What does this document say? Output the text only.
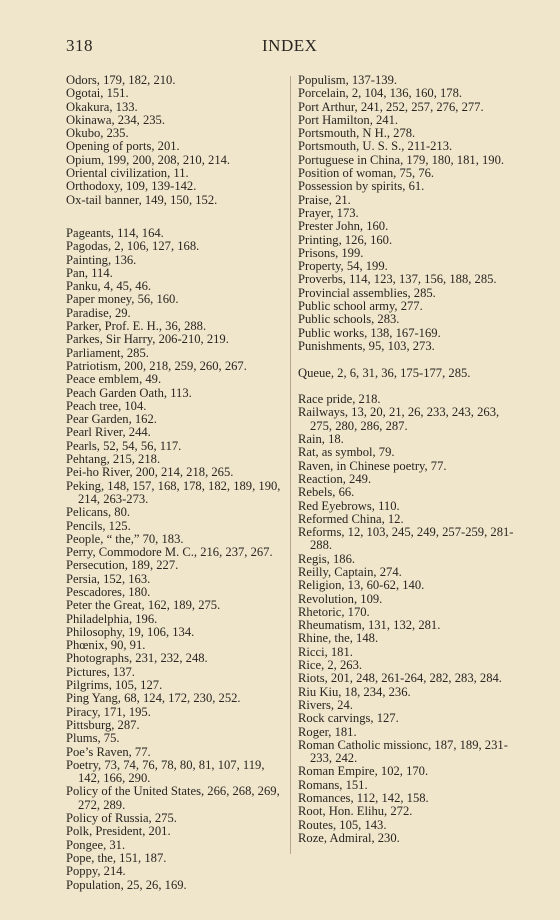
318	INDEX
Odors, 179, 182, 210.
Ogotai, 151.
Okakura, 133.
Okinawa, 234, 235.
Okubo, 235.
Opening of ports, 201.
Opium, 199, 200, 208, 210, 214.
Oriental civilization, 11.
Orthodoxy, 109, 139-142.
Ox-tail banner, 149, 150, 152.
Pageants, 114, 164.
Pagodas, 2, 106, 127, 168.
Painting, 136.
Pan, 114.
Panku, 4, 45, 46.
Paper money, 56, 160.
Paradise, 29.
Parker, Prof. E. H., 36, 288.
Parkes, Sir Harry, 206-210, 219.
Parliament, 285.
Patriotism, 200, 218, 259, 260, 267.
Peace emblem, 49.
Peach Garden Oath, 113.
Peach tree, 104.
Pear Garden, 162.
Pearl River, 244.
Pearls, 52, 54, 56, 117.
Pehtang, 215, 218.
Pei-ho River, 200, 214, 218, 265.
Peking, 148, 157, 168, 178, 182, 189, 190, 214, 263-273.
Pelicans, 80.
Pencils, 125.
People, “ the,” 70, 183.
Perry, Commodore M. C., 216, 237, 267.
Persecution, 189, 227.
Persia, 152, 163.
Pescadores, 180.
Peter the Great, 162, 189, 275.
Philadelphia, 196.
Philosophy, 19, 106, 134.
Phœnix, 90, 91.
Photographs, 231, 232, 248.
Pictures, 137.
Pilgrims, 105, 127.
Ping Yang, 68, 124, 172, 230, 252.
Piracy, 171, 195.
Pittsburg, 287.
Plums, 75.
Poe’s Raven, 77.
Poetry, 73, 74, 76, 78, 80, 81, 107, 119, 142, 166, 290.
Policy of the United States, 266, 268, 269, 272, 289.
Policy of Russia, 275.
Polk, President, 201.
Pongee, 31.
Pope, the, 151, 187.
Poppy, 214.
Population, 25, 26, 169.
Populism, 137-139.
Porcelain, 2, 104, 136, 160, 178.
Port Arthur, 241, 252, 257, 276, 277.
Port Hamilton, 241.
Portsmouth, N H., 278.
Portsmouth, U. S. S., 211-213.
Portuguese in China, 179, 180, 181, 190.
Position of woman, 75, 76.
Possession by spirits, 61.
Praise, 21.
Prayer, 173.
Prester John, 160.
Printing, 126, 160.
Prisons, 199.
Property, 54, 199.
Proverbs, 114, 123, 137, 156, 188, 285.
Provincial assemblies, 285.
Public school army, 277.
Public schools, 283.
Public works, 138, 167-169.
Punishments, 95, 103, 273.
Queue, 2, 6, 31, 36, 175-177, 285.
Race pride, 218.
Railways, 13, 20, 21, 26, 233, 243, 263, 275, 280, 286, 287.
Rain, 18.
Rat, as symbol, 79.
Raven, in Chinese poetry, 77.
Reaction, 249.
Rebels, 66.
Red Eyebrows, 110.
Reformed China, 12.
Reforms, 12, 103, 245, 249, 257-259, 281-288.
Regis, 186.
Reilly, Captain, 274.
Religion, 13, 60-62, 140.
Revolution, 109.
Rhetoric, 170.
Rheumatism, 131, 132, 281.
Rhine, the, 148.
Ricci, 181.
Rice, 2, 263.
Riots, 201, 248, 261-264, 282, 283, 284.
Riu Kiu, 18, 234, 236.
Rivers, 24.
Rock carvings, 127.
Roger, 181.
Roman Catholic missionc, 187, 189, 231-233, 242.
Roman Empire, 102, 170.
Romans, 151.
Romances, 112, 142, 158.
Root, Hon. Elihu, 272.
Routes, 105, 143.
Roze, Admiral, 230.
